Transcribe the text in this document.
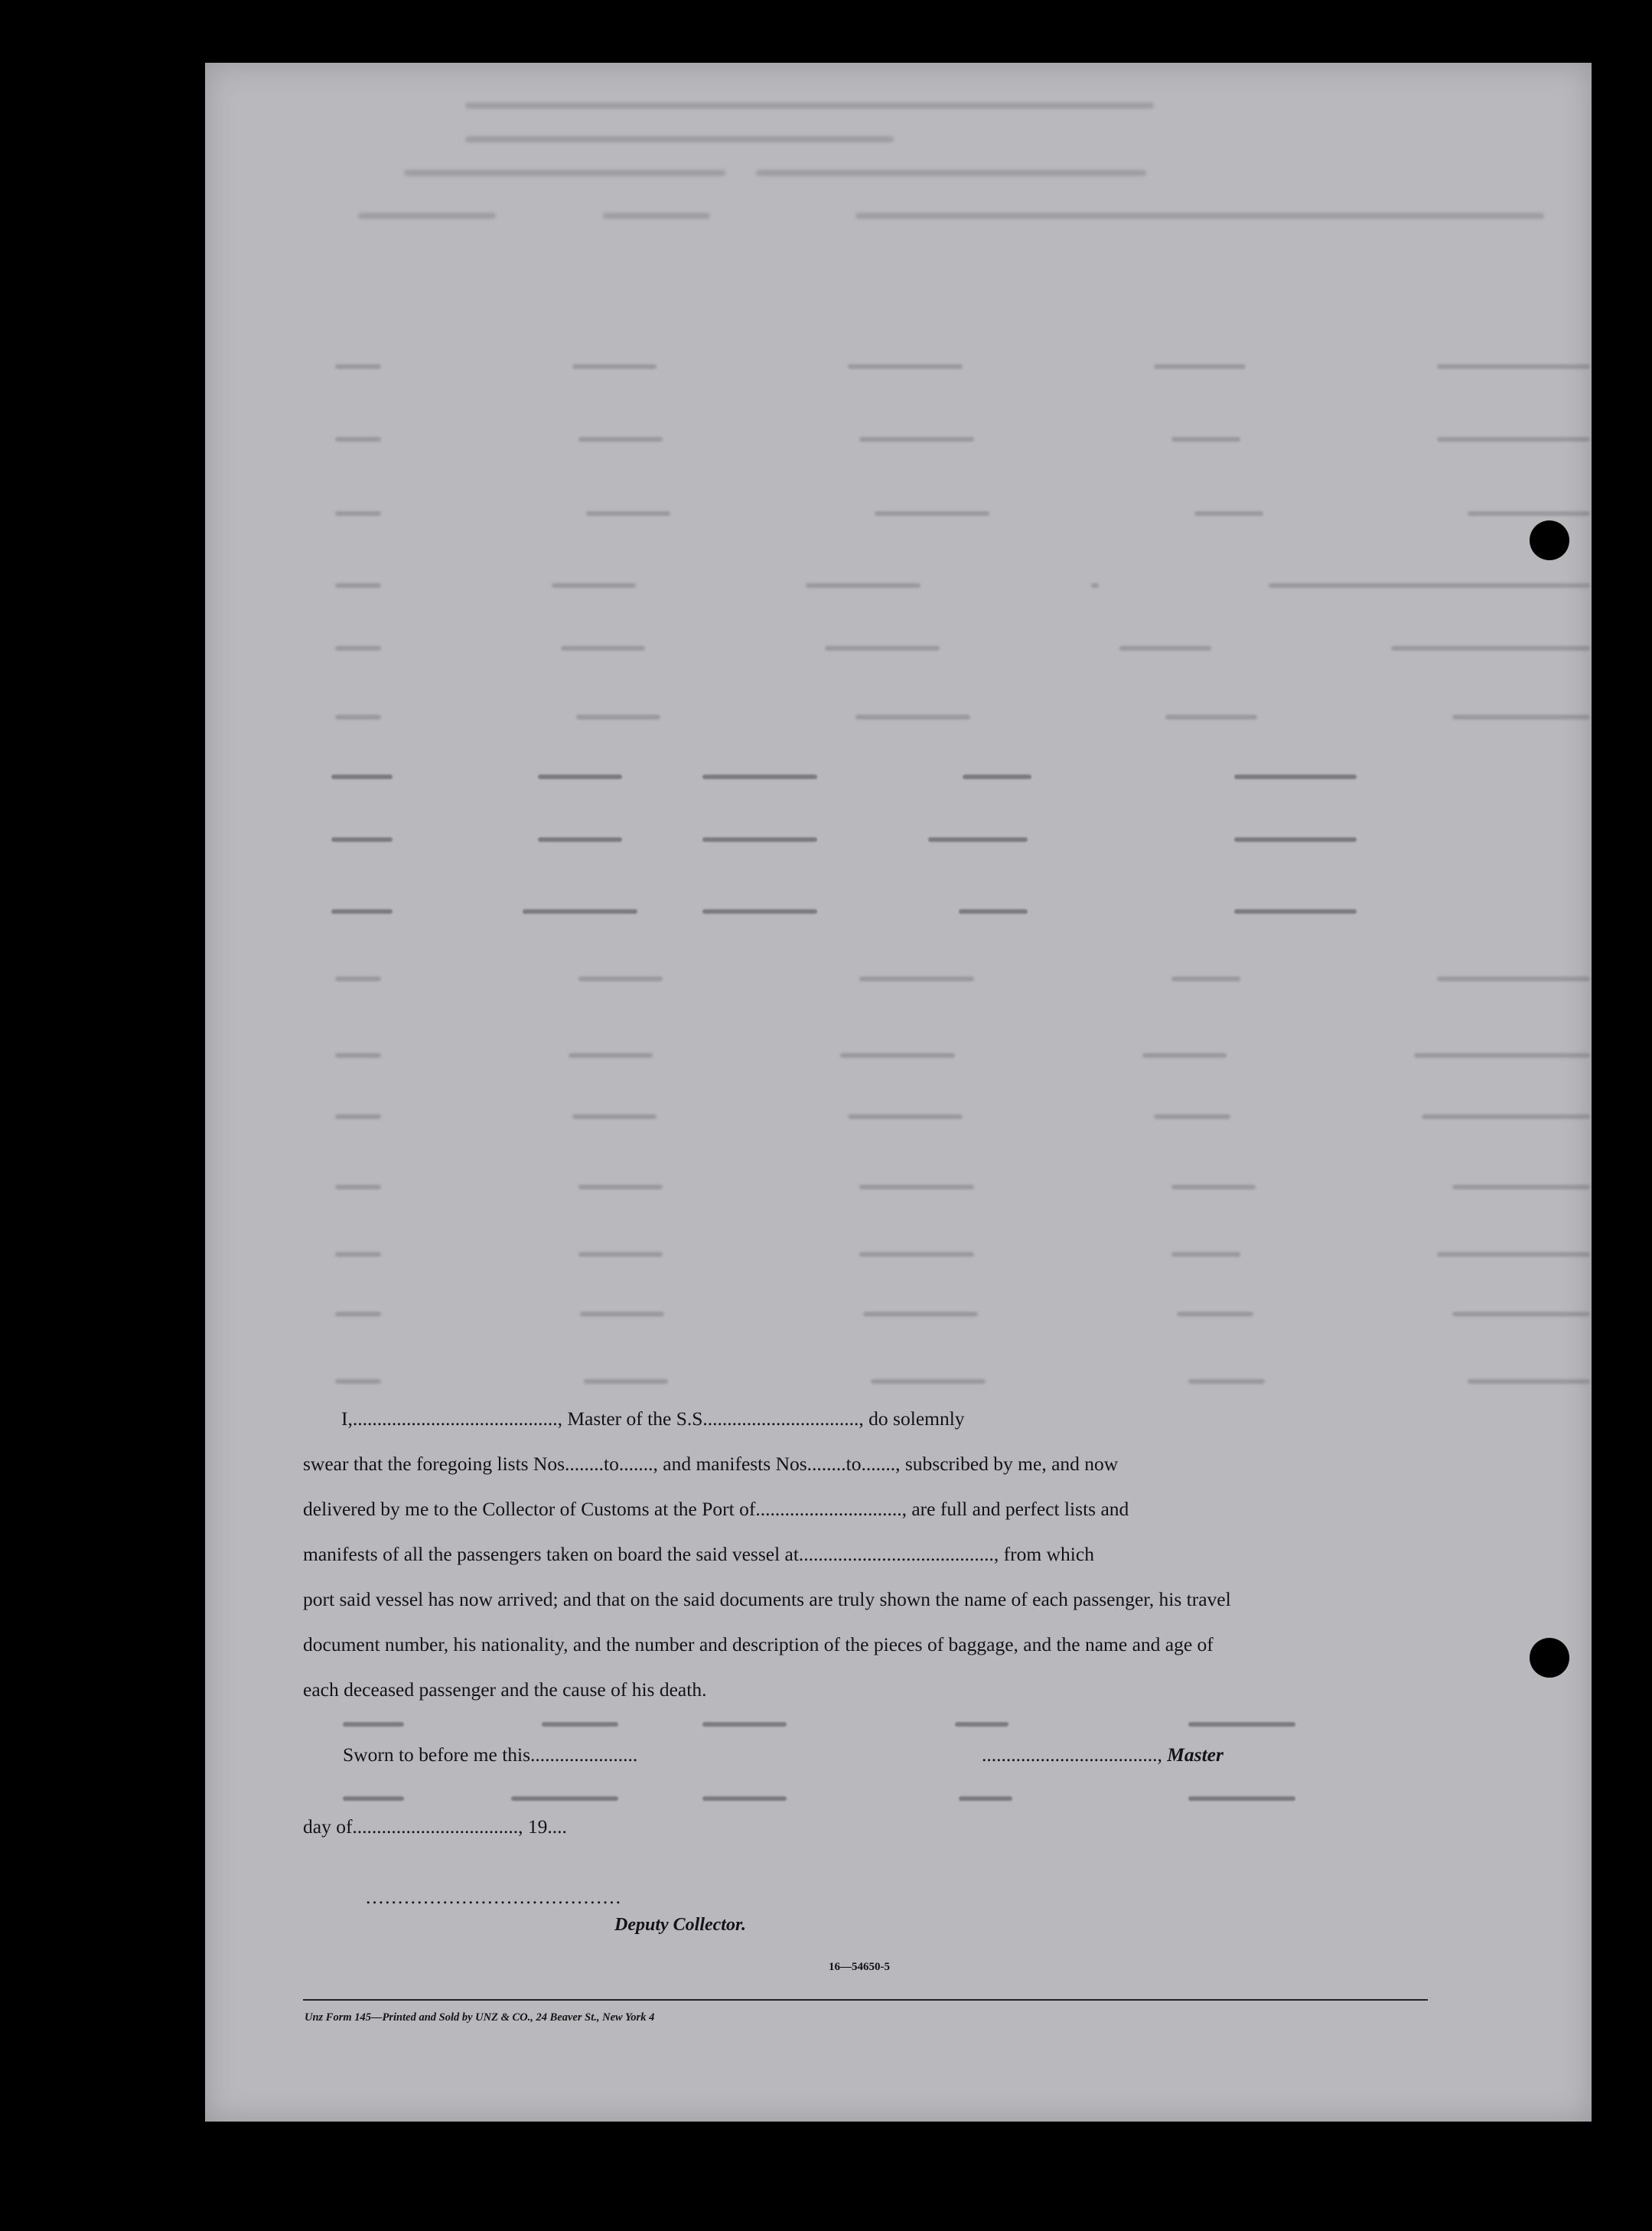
I,.........................................., Master of the S.S................................, do solemnly

swear that the foregoing lists Nos........to......., and manifests Nos........to......., subscribed by me, and now

delivered by me to the Collector of Customs at the Port of.............................., are full and perfect lists and

manifests of all the passengers taken on board the said vessel at........................................, from which

port said vessel has now arrived; and that on the said documents are truly shown the name of each passenger, his travel

document number, his nationality, and the number and description of the pieces of baggage, and the name and age of

each deceased passenger and the cause of his death.

Sworn to before me this......................	...................................., Master
day of.................................., 19....
........................................
Deputy Collector.
16—54650-5
Unz Form 145—Printed and Sold by UNZ & CO., 24 Beaver St., New York 4
